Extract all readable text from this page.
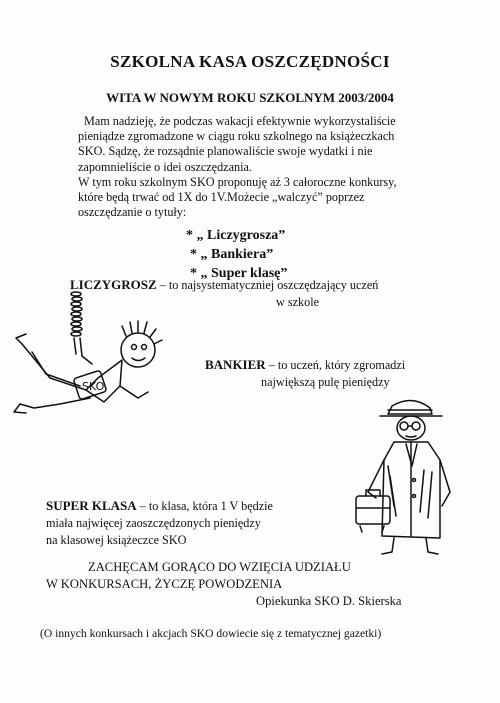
SZKOLNA KASA OSZCZĘDNOŚCI
WITA W NOWYM ROKU SZKOLNYM 2003/2004

Mam nadzieję, że podczas wakacji efektywnie wykorzystaliście

pieniądze zgromadzone w ciągu roku szkolnego na książeczkach

SKO. Sądzę, że rozsądnie planowaliście swoje wydatki i nie

zapomnieliście o idei oszczędzania.

W tym roku szkolnym SKO proponuję aż 3 całoroczne konkursy,

które będą trwać od 1X do 1V.Możecie „walczyć” poprzez

oszczędzanie o tytuły:

* „ Liczygrosza”
* „ Bankiera”
* „ Super klasę”
LICZYGROSZ – to najsystematyczniej oszczędzający uczeń
w szkole
BANKIER – to uczeń, który zgromadzi
największą pulę pieniędzy
SUPER KLASA – to klasa, która 1 V będzie
miała najwięcej zaoszczędzonych pieniędzy
na klasowej książeczce SKO
ZACHĘCAM GORĄCO DO WZIĘCIA UDZIAŁU
W KONKURSACH, ŻYCZĘ POWODZENIA
Opiekunka SKO D. Skierska
(O innych konkursach i akcjach SKO dowiecie się z tematycznej gazetki)
SKO
